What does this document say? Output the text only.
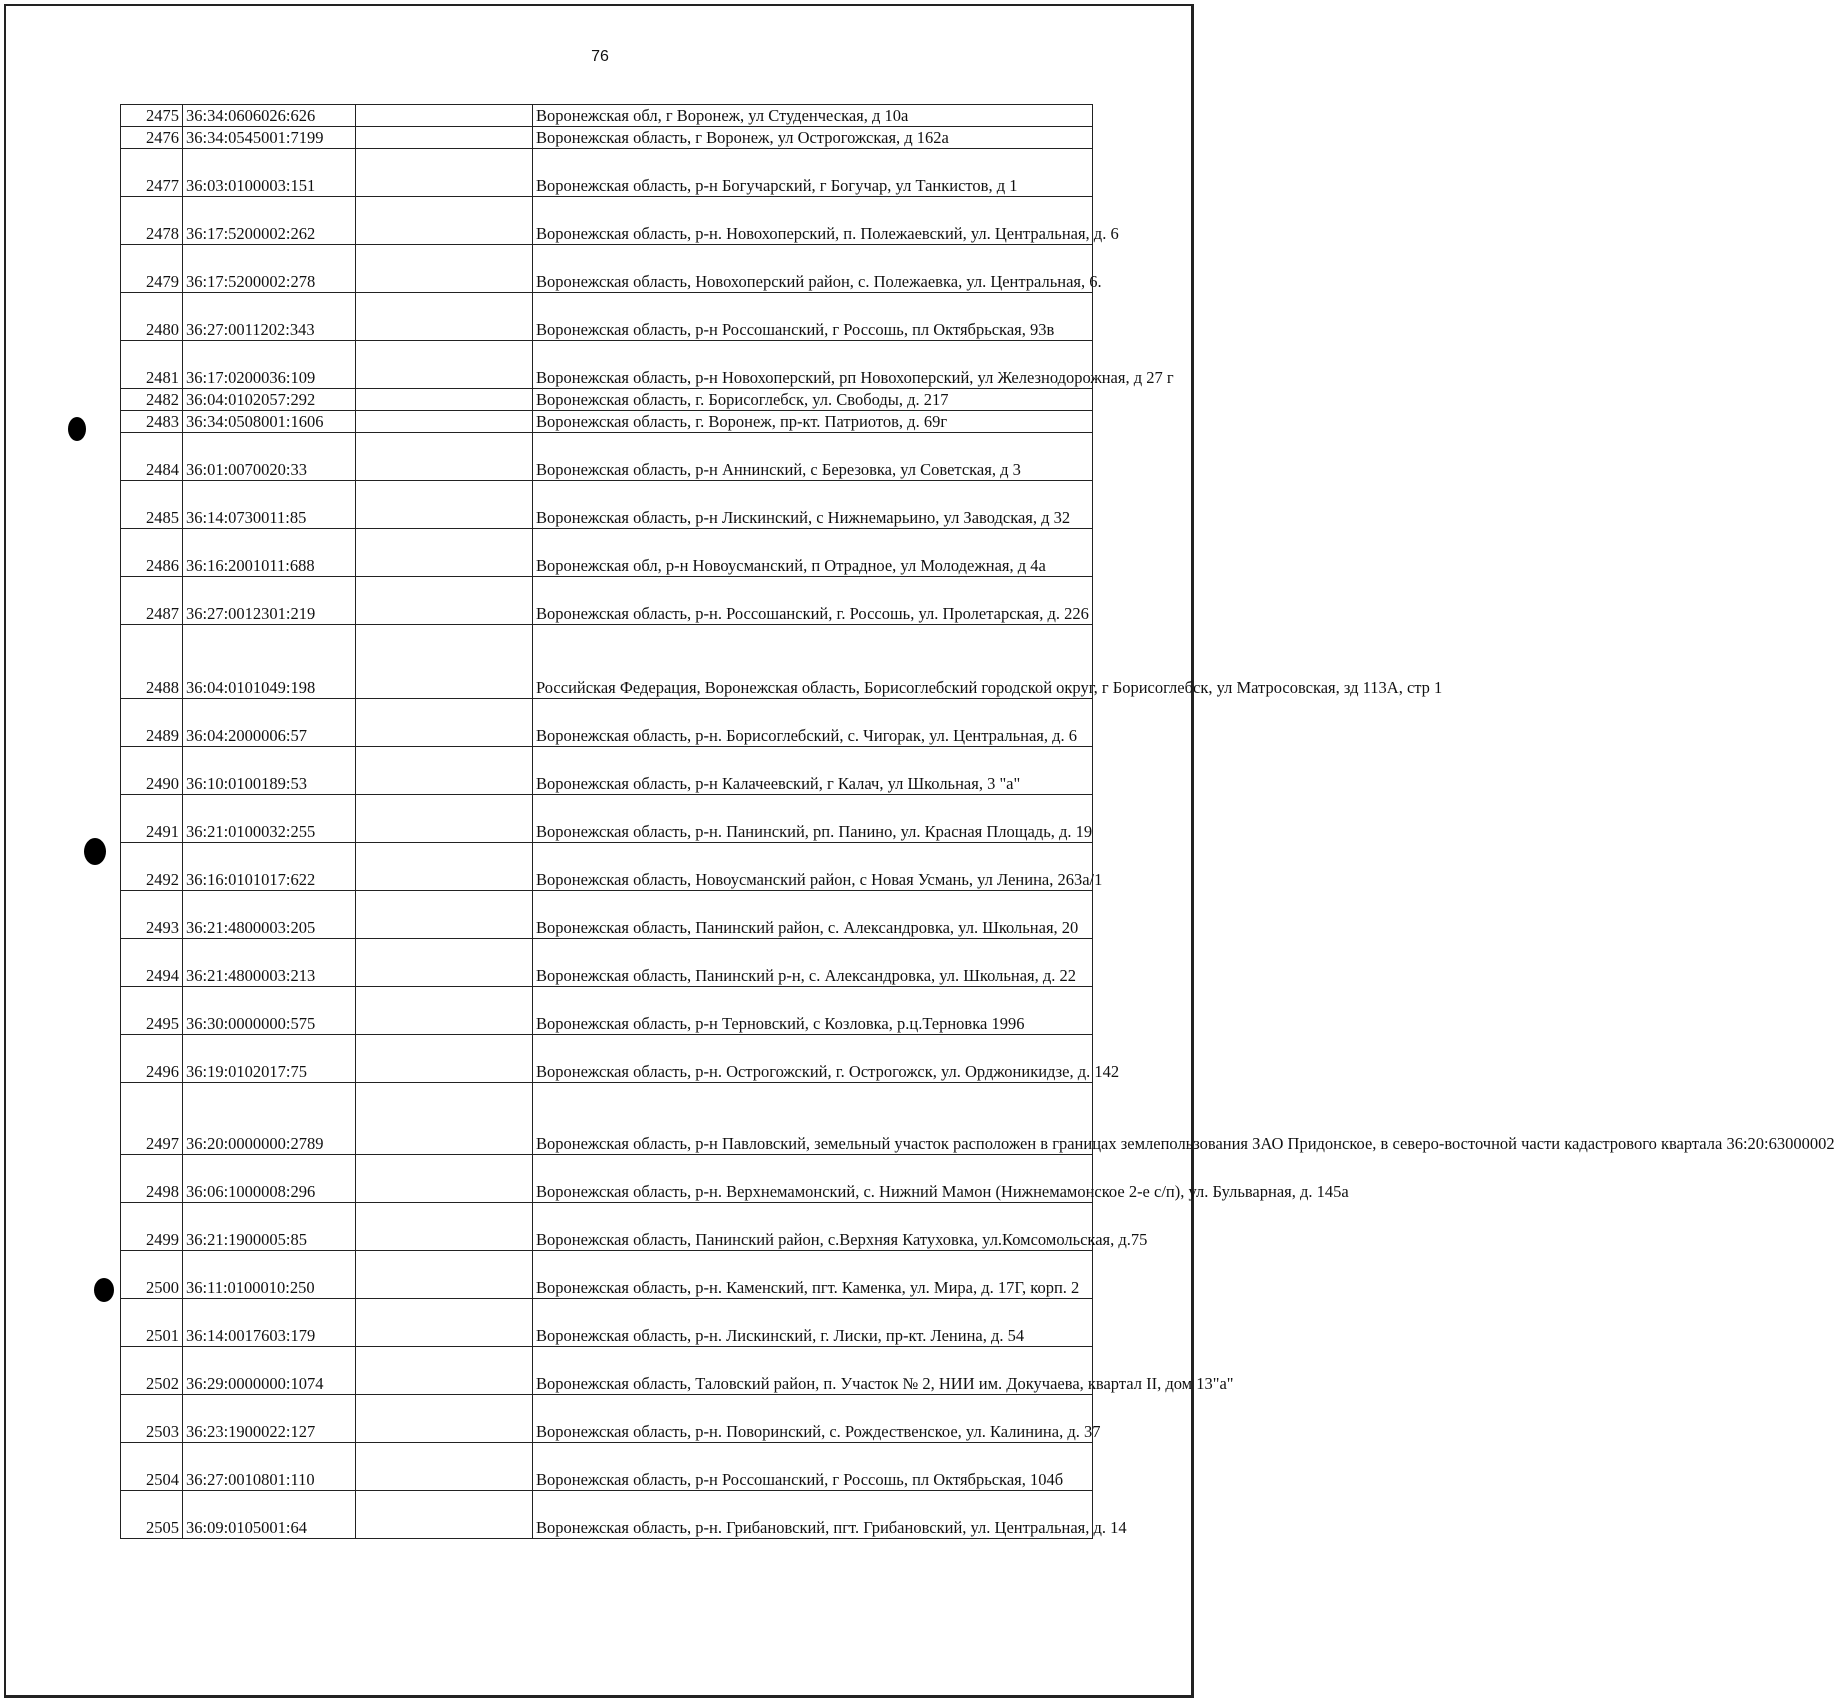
76
2475	36:34:0606026:626		Воронежская обл, г Воронеж, ул Студенческая, д 10а
2476	36:34:0545001:7199		Воронежская область, г Воронеж, ул Острогожская, д 162а
2477	36:03:0100003:151		Воронежская область, р-н Богучарский, г Богучар, ул Танкистов, д 1
2478	36:17:5200002:262		Воронежская область, р-н. Новохоперский, п. Полежаевский, ул. Центральная, д. 6
2479	36:17:5200002:278		Воронежская область, Новохоперский район, с. Полежаевка, ул. Центральная, 6.
2480	36:27:0011202:343		Воронежская область, р-н Россошанский, г Россошь, пл Октябрьская, 93в
2481	36:17:0200036:109		Воронежская область, р-н Новохоперский, рп Новохоперский, ул Железнодорожная, д 27 г
2482	36:04:0102057:292		Воронежская область, г. Борисоглебск, ул. Свободы, д. 217
2483	36:34:0508001:1606		Воронежская область, г. Воронеж, пр-кт. Патриотов, д. 69г
2484	36:01:0070020:33		Воронежская область, р-н Аннинский, с Березовка, ул Советская, д 3
2485	36:14:0730011:85		Воронежская область, р-н Лискинский, с Нижнемарьино, ул Заводская, д 32
2486	36:16:2001011:688		Воронежская обл, р-н Новоусманский, п Отрадное, ул Молодежная, д 4а
2487	36:27:0012301:219		Воронежская область, р-н. Россошанский, г. Россошь, ул. Пролетарская, д. 226
2488	36:04:0101049:198		Российская Федерация, Воронежская область, Борисоглебский городской округ, г Борисоглебск, ул Матросовская, зд 113А, стр 1
2489	36:04:2000006:57		Воронежская область, р-н. Борисоглебский, с. Чигорак, ул. Центральная, д. 6
2490	36:10:0100189:53		Воронежская область, р-н Калачеевский, г Калач, ул Школьная, 3 "а"
2491	36:21:0100032:255		Воронежская область, р-н. Панинский, рп. Панино, ул. Красная Площадь, д. 19
2492	36:16:0101017:622		Воронежская область, Новоусманский район, с Новая Усмань, ул Ленина, 263а/1
2493	36:21:4800003:205		Воронежская область, Панинский район, с. Александровка, ул. Школьная, 20
2494	36:21:4800003:213		Воронежская область, Панинский р-н, с. Александровка, ул. Школьная, д. 22
2495	36:30:0000000:575		Воронежская область, р-н Терновский, с Козловка, р.ц.Терновка 1996
2496	36:19:0102017:75		Воронежская область, р-н. Острогожский, г. Острогожск, ул. Орджоникидзе, д. 142
2497	36:20:0000000:2789		Воронежская область, р-н Павловский, земельный участок расположен в границах землепользования ЗАО Придонское, в северо-восточной части кадастрового квартала 36:20:63000002
2498	36:06:1000008:296		Воронежская область, р-н. Верхнемамонский, с. Нижний Мамон (Нижнемамонское 2-е с/п), ул. Бульварная, д. 145а
2499	36:21:1900005:85		Воронежская область, Панинский район, с.Верхняя Катуховка, ул.Комсомольская, д.75
2500	36:11:0100010:250		Воронежская область, р-н. Каменский, пгт. Каменка, ул. Мира, д. 17Г, корп. 2
2501	36:14:0017603:179		Воронежская область, р-н. Лискинский, г. Лиски, пр-кт. Ленина, д. 54
2502	36:29:0000000:1074		Воронежская область, Таловский район, п. Участок № 2, НИИ им. Докучаева, квартал II, дом 13"а"
2503	36:23:1900022:127		Воронежская область, р-н. Поворинский, с. Рождественское, ул. Калинина, д. 37
2504	36:27:0010801:110		Воронежская область, р-н Россошанский, г Россошь, пл Октябрьская, 104б
2505	36:09:0105001:64		Воронежская область, р-н. Грибановский, пгт. Грибановский, ул. Центральная, д. 14
